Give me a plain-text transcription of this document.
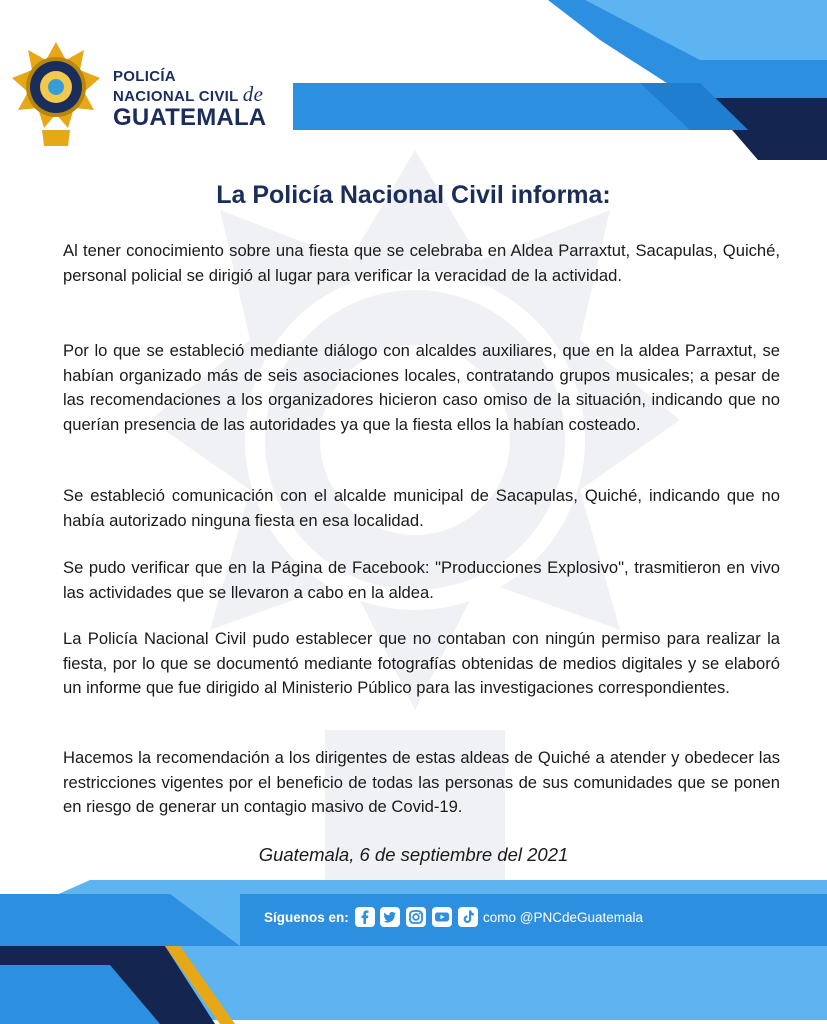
POLICÍA
NACIONAL CIVIL de
GUATEMALA
La Policía Nacional Civil informa:

Al tener conocimiento sobre una fiesta que se celebraba en Aldea Parraxtut, Sacapulas, Quiché, personal policial se dirigió al lugar para verificar la veracidad de la actividad.

Por lo que se estableció mediante diálogo con alcaldes auxiliares, que en la aldea Parraxtut, se habían organizado más de seis asociaciones locales, contratando grupos musicales; a pesar de las recomendaciones a los organizadores hicieron caso omiso de la situación, indicando que no querían presencia de las autoridades ya que la fiesta ellos la habían costeado.

Se estableció comunicación con el alcalde municipal de Sacapulas, Quiché, indicando que no había autorizado ninguna fiesta en esa localidad.

Se pudo verificar que en la Página de Facebook: "Producciones Explosivo", trasmitieron en vivo las actividades que se llevaron a cabo en la aldea.

La Policía Nacional Civil pudo establecer que no contaban con ningún permiso para realizar la fiesta, por lo que se documentó mediante fotografías obtenidas de medios digitales y se elaboró un informe que fue dirigido al Ministerio Público para las investigaciones correspondientes.

Hacemos la recomendación a los dirigentes de estas aldeas de Quiché a atender y obedecer las restricciones vigentes por el beneficio de todas las personas de sus comunidades que se ponen en riesgo de generar un contagio masivo de Covid-19.

Guatemala, 6 de septiembre del 2021
Síguenos en:	como @PNCdeGuatemala
